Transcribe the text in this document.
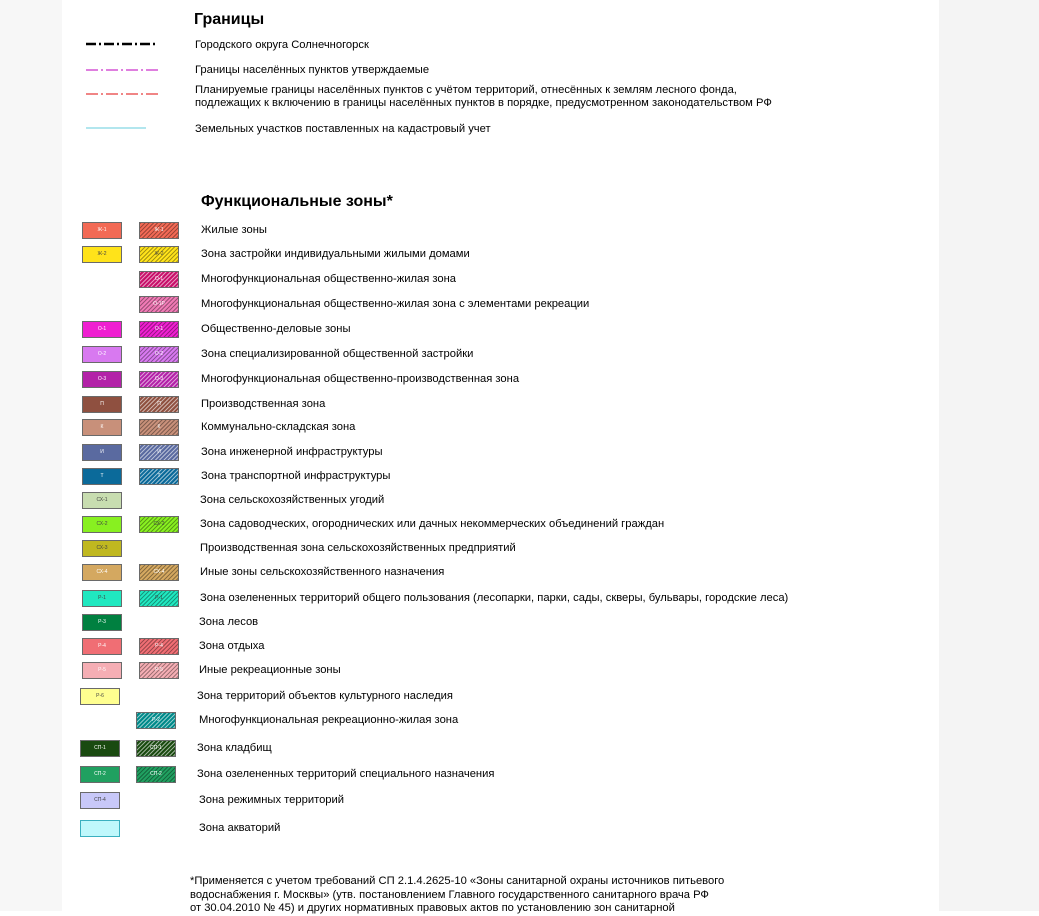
Границы
Городского округа Солнечногорск
Границы населённых пунктов утверждаемые
Планируемые границы населённых пунктов с учётом территорий, отнесённых к землям лесного фонда,
подлежащих к включению в границы населённых пунктов в порядке, предусмотренном законодательством РФ
Земельных участков поставленных на кадастровый учет
Функциональные зоны*
Ж-1	Ж-1	Жилые зоны
Ж-2	Ж-2	Зона застройки индивидуальными жилыми домами
О-1	Многофункциональная общественно-жилая зона
О-1Р	Многофункциональная общественно-жилая зона с элементами рекреации
О-1	О-1	Общественно-деловые зоны
О-2	О-2	Зона специализированной общественной застройки
О-3	О-3	Многофункциональная общественно-производственная зона
П	П	Производственная зона
К	К	Коммунально-складская зона
И	И	Зона инженерной инфраструктуры
Т	Т	Зона транспортной инфраструктуры
СХ-1	Зона сельскохозяйственных угодий
СХ-2	СХ-2	Зона садоводческих, огороднических или дачных некоммерческих объединений граждан
СХ-3	Производственная зона сельскохозяйственных предприятий
СХ-4	СХ-4	Иные зоны сельскохозяйственного назначения
Р-1	Р-1	Зона озелененных территорий общего пользования (лесопарки, парки, сады, скверы, бульвары, городские леса)
Р-3	Зона лесов
Р-4	Р-4	Зона отдыха
Р-5	Р-5	Иные рекреационные зоны
Р-6	Зона территорий объектов культурного наследия
Р-2	Многофункциональная рекреационно-жилая зона
СП-1	СП-1	Зона кладбищ
СП-2	СП-2	Зона озелененных территорий специального назначения
СП-4	Зона режимных территорий
Зона акваторий
*Применяется с учетом требований СП 2.1.4.2625-10 «Зоны санитарной охраны источников питьевого
водоснабжения г. Москвы» (утв. постановлением Главного государственного санитарного врача РФ
от 30.04.2010 № 45) и других нормативных правовых актов по установлению зон санитарной
